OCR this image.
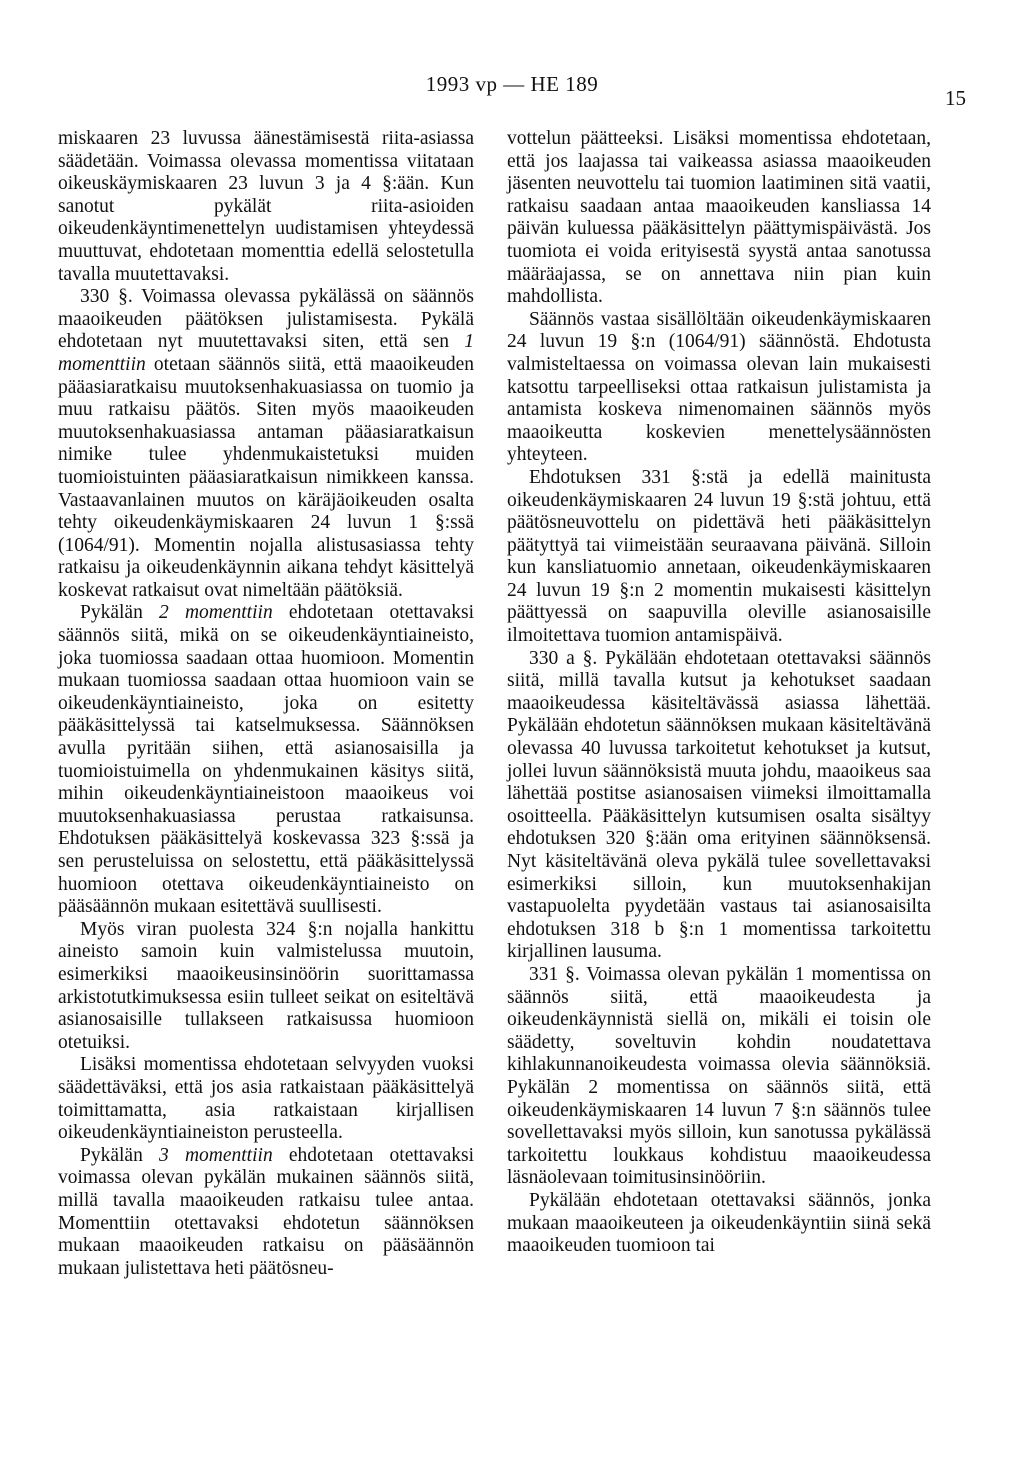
1993 vp — HE 189
15

miskaaren 23 luvussa äänestämisestä riita-asiassa säädetään. Voimassa olevassa momentissa viitataan oikeuskäymiskaaren 23 luvun 3 ja 4 §:ään. Kun sanotut pykälät riita-asioiden oikeudenkäyntimenettelyn uudistamisen yhteydessä muuttuvat, ehdotetaan momenttia edellä selostetulla tavalla muutettavaksi.

330 §. Voimassa olevassa pykälässä on säännös maaoikeuden päätöksen julistamisesta. Pykälä ehdotetaan nyt muutettavaksi siten, että sen 1 momenttiin otetaan säännös siitä, että maaoikeuden pääasiaratkaisu muutoksenhakuasiassa on tuomio ja muu ratkaisu päätös. Siten myös maaoikeuden muutoksenhakuasiassa antaman pääasiaratkaisun nimike tulee yhdenmukaistetuksi muiden tuomioistuinten pääasiaratkaisun nimikkeen kanssa. Vastaavanlainen muutos on käräjäoikeuden osalta tehty oikeudenkäymiskaaren 24 luvun 1 §:ssä (1064/91). Momentin nojalla alistusasiassa tehty ratkaisu ja oikeudenkäynnin aikana tehdyt käsittelyä koskevat ratkaisut ovat nimeltään päätöksiä.

Pykälän 2 momenttiin ehdotetaan otettavaksi säännös siitä, mikä on se oikeudenkäyntiaineisto, joka tuomiossa saadaan ottaa huomioon. Momentin mukaan tuomiossa saadaan ottaa huomioon vain se oikeudenkäyntiaineisto, joka on esitetty pääkäsittelyssä tai katselmuksessa. Säännöksen avulla pyritään siihen, että asianosaisilla ja tuomioistuimella on yhdenmukainen käsitys siitä, mihin oikeudenkäyntiaineistoon maaoikeus voi muutoksenhakuasiassa perustaa ratkaisunsa. Ehdotuksen pääkäsittelyä koskevassa 323 §:ssä ja sen perusteluissa on selostettu, että pääkäsittelyssä huomioon otettava oikeudenkäyntiaineisto on pääsäännön mukaan esitettävä suullisesti.

Myös viran puolesta 324 §:n nojalla hankittu aineisto samoin kuin valmistelussa muutoin, esimerkiksi maaoikeusinsinöörin suorittamassa arkistotutkimuksessa esiin tulleet seikat on esiteltävä asianosaisille tullakseen ratkaisussa huomioon otetuiksi.

Lisäksi momentissa ehdotetaan selvyyden vuoksi säädettäväksi, että jos asia ratkaistaan pääkäsittelyä toimittamatta, asia ratkaistaan kirjallisen oikeudenkäyntiaineiston perusteella.

Pykälän 3 momenttiin ehdotetaan otettavaksi voimassa olevan pykälän mukainen säännös siitä, millä tavalla maaoikeuden ratkaisu tulee antaa. Momenttiin otettavaksi ehdotetun säännöksen mukaan maaoikeuden ratkaisu on pääsäännön mukaan julistettava heti päätösneu-

vottelun päätteeksi. Lisäksi momentissa ehdotetaan, että jos laajassa tai vaikeassa asiassa maaoikeuden jäsenten neuvottelu tai tuomion laatiminen sitä vaatii, ratkaisu saadaan antaa maaoikeuden kansliassa 14 päivän kuluessa pääkäsittelyn päättymispäivästä. Jos tuomiota ei voida erityisestä syystä antaa sanotussa määräajassa, se on annettava niin pian kuin mahdollista.

Säännös vastaa sisällöltään oikeudenkäymiskaaren 24 luvun 19 §:n (1064/91) säännöstä. Ehdotusta valmisteltaessa on voimassa olevan lain mukaisesti katsottu tarpeelliseksi ottaa ratkaisun julistamista ja antamista koskeva nimenomainen säännös myös maaoikeutta koskevien menettelysäännösten yhteyteen.

Ehdotuksen 331 §:stä ja edellä mainitusta oikeudenkäymiskaaren 24 luvun 19 §:stä johtuu, että päätösneuvottelu on pidettävä heti pääkäsittelyn päätyttyä tai viimeistään seuraavana päivänä. Silloin kun kansliatuomio annetaan, oikeudenkäymiskaaren 24 luvun 19 §:n 2 momentin mukaisesti käsittelyn päättyessä on saapuvilla oleville asianosaisille ilmoitettava tuomion antamispäivä.

330 a §. Pykälään ehdotetaan otettavaksi säännös siitä, millä tavalla kutsut ja kehotukset saadaan maaoikeudessa käsiteltävässä asiassa lähettää. Pykälään ehdotetun säännöksen mukaan käsiteltävänä olevassa 40 luvussa tarkoitetut kehotukset ja kutsut, jollei luvun säännöksistä muuta johdu, maaoikeus saa lähettää postitse asianosaisen viimeksi ilmoittamalla osoitteella. Pääkäsittelyn kutsumisen osalta sisältyy ehdotuksen 320 §:ään oma erityinen säännöksensä. Nyt käsiteltävänä oleva pykälä tulee sovellettavaksi esimerkiksi silloin, kun muutoksenhakijan vastapuolelta pyydetään vastaus tai asianosaisilta ehdotuksen 318 b §:n 1 momentissa tarkoitettu kirjallinen lausuma.

331 §. Voimassa olevan pykälän 1 momentissa on säännös siitä, että maaoikeudesta ja oikeudenkäynnistä siellä on, mikäli ei toisin ole säädetty, soveltuvin kohdin noudatettava kihlakunnanoikeudesta voimassa olevia säännöksiä. Pykälän 2 momentissa on säännös siitä, että oikeudenkäymiskaaren 14 luvun 7 §:n säännös tulee sovellettavaksi myös silloin, kun sanotussa pykälässä tarkoitettu loukkaus kohdistuu maaoikeudessa läsnäolevaan toimitusinsinööriin.

Pykälään ehdotetaan otettavaksi säännös, jonka mukaan maaoikeuteen ja oikeudenkäyntiin siinä sekä maaoikeuden tuomioon tai
